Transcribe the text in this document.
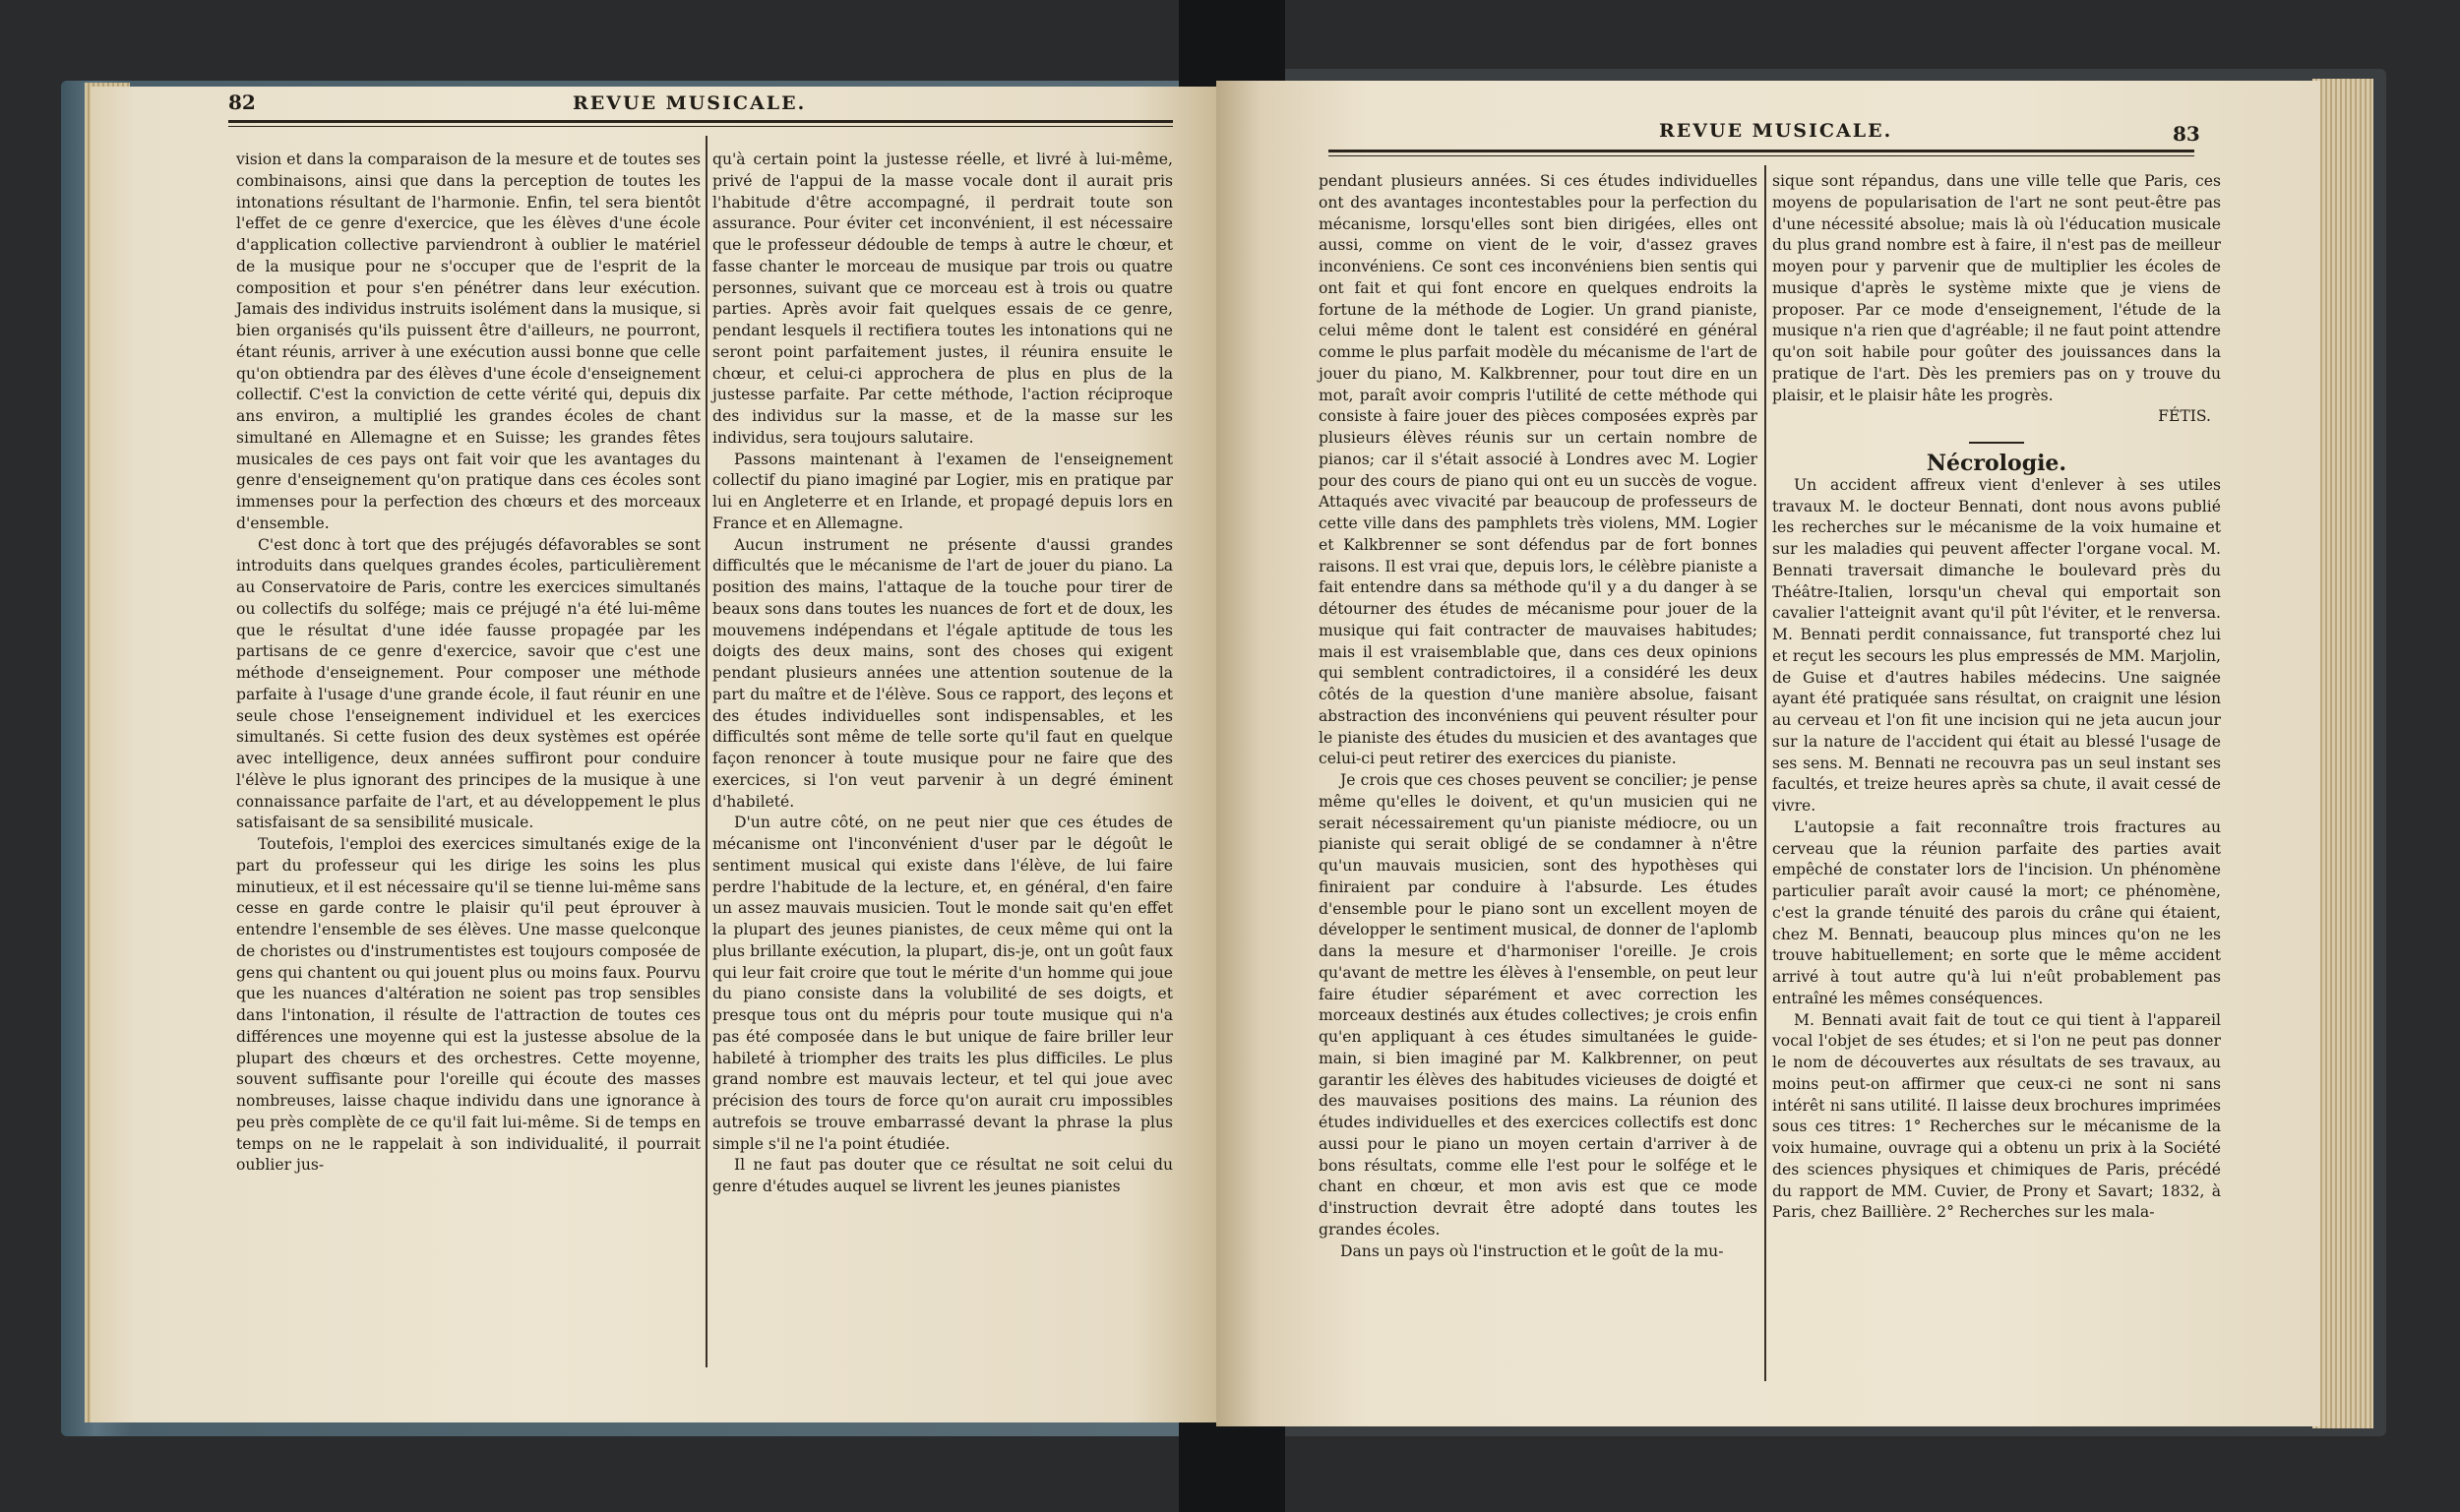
82	REVUE MUSICALE.

vision et dans la comparaison de la mesure et de toutes ses combinaisons, ainsi que dans la perception de toutes les intonations résultant de l'harmonie. Enfin, tel sera bientôt l'effet de ce genre d'exercice, que les élèves d'une école d'application collective parviendront à oublier le matériel de la musique pour ne s'occuper que de l'esprit de la composition et pour s'en pénétrer dans leur exécution. Jamais des individus instruits isolément dans la musique, si bien organisés qu'ils puissent être d'ailleurs, ne pourront, étant réunis, arriver à une exécution aussi bonne que celle qu'on obtiendra par des élèves d'une école d'enseignement collectif. C'est la conviction de cette vérité qui, depuis dix ans environ, a multiplié les grandes écoles de chant simultané en Allemagne et en Suisse; les grandes fêtes musicales de ces pays ont fait voir que les avantages du genre d'enseignement qu'on pratique dans ces écoles sont immenses pour la perfection des chœurs et des morceaux d'ensemble.

C'est donc à tort que des préjugés défavorables se sont introduits dans quelques grandes écoles, particulièrement au Conservatoire de Paris, contre les exercices simultanés ou collectifs du solfége; mais ce préjugé n'a été lui-même que le résultat d'une idée fausse propagée par les partisans de ce genre d'exercice, savoir que c'est une méthode d'enseignement. Pour composer une méthode parfaite à l'usage d'une grande école, il faut réunir en une seule chose l'enseignement individuel et les exercices simultanés. Si cette fusion des deux systèmes est opérée avec intelligence, deux années suffiront pour conduire l'élève le plus ignorant des principes de la musique à une connaissance parfaite de l'art, et au développement le plus satisfaisant de sa sensibilité musicale.

Toutefois, l'emploi des exercices simultanés exige de la part du professeur qui les dirige les soins les plus minutieux, et il est nécessaire qu'il se tienne lui-même sans cesse en garde contre le plaisir qu'il peut éprouver à entendre l'ensemble de ses élèves. Une masse quelconque de choristes ou d'instrumentistes est toujours composée de gens qui chantent ou qui jouent plus ou moins faux. Pourvu que les nuances d'altération ne soient pas trop sensibles dans l'intonation, il résulte de l'attraction de toutes ces différences une moyenne qui est la justesse absolue de la plupart des chœurs et des orchestres. Cette moyenne, souvent suffisante pour l'oreille qui écoute des masses nombreuses, laisse chaque individu dans une ignorance à peu près complète de ce qu'il fait lui-même. Si de temps en temps on ne le rappelait à son individualité, il pourrait oublier jus-

qu'à certain point la justesse réelle, et livré à lui-même, privé de l'appui de la masse vocale dont il aurait pris l'habitude d'être accompagné, il perdrait toute son assurance. Pour éviter cet inconvénient, il est nécessaire que le professeur dédouble de temps à autre le chœur, et fasse chanter le morceau de musique par trois ou quatre personnes, suivant que ce morceau est à trois ou quatre parties. Après avoir fait quelques essais de ce genre, pendant lesquels il rectifiera toutes les intonations qui ne seront point parfaitement justes, il réunira ensuite le chœur, et celui-ci approchera de plus en plus de la justesse parfaite. Par cette méthode, l'action réciproque des individus sur la masse, et de la masse sur les individus, sera toujours salutaire.

Passons maintenant à l'examen de l'enseignement collectif du piano imaginé par Logier, mis en pratique par lui en Angleterre et en Irlande, et propagé depuis lors en France et en Allemagne.

Aucun instrument ne présente d'aussi grandes difficultés que le mécanisme de l'art de jouer du piano. La position des mains, l'attaque de la touche pour tirer de beaux sons dans toutes les nuances de fort et de doux, les mouvemens indépendans et l'égale aptitude de tous les doigts des deux mains, sont des choses qui exigent pendant plusieurs années une attention soutenue de la part du maître et de l'élève. Sous ce rapport, des leçons et des études individuelles sont indispensables, et les difficultés sont même de telle sorte qu'il faut en quelque façon renoncer à toute musique pour ne faire que des exercices, si l'on veut parvenir à un degré éminent d'habileté.

D'un autre côté, on ne peut nier que ces études de mécanisme ont l'inconvénient d'user par le dégoût le sentiment musical qui existe dans l'élève, de lui faire perdre l'habitude de la lecture, et, en général, d'en faire un assez mauvais musicien. Tout le monde sait qu'en effet la plupart des jeunes pianistes, de ceux même qui ont la plus brillante exécution, la plupart, dis-je, ont un goût faux qui leur fait croire que tout le mérite d'un homme qui joue du piano consiste dans la volubilité de ses doigts, et presque tous ont du mépris pour toute musique qui n'a pas été composée dans le but unique de faire briller leur habileté à triompher des traits les plus difficiles. Le plus grand nombre est mauvais lecteur, et tel qui joue avec précision des tours de force qu'on aurait cru impossibles autrefois se trouve embarrassé devant la phrase la plus simple s'il ne l'a point étudiée.

Il ne faut pas douter que ce résultat ne soit celui du genre d'études auquel se livrent les jeunes pianistes

REVUE MUSICALE.	83

pendant plusieurs années. Si ces études individuelles ont des avantages incontestables pour la perfection du mécanisme, lorsqu'elles sont bien dirigées, elles ont aussi, comme on vient de le voir, d'assez graves inconvéniens. Ce sont ces inconvéniens bien sentis qui ont fait et qui font encore en quelques endroits la fortune de la méthode de Logier. Un grand pianiste, celui même dont le talent est considéré en général comme le plus parfait modèle du mécanisme de l'art de jouer du piano, M. Kalkbrenner, pour tout dire en un mot, paraît avoir compris l'utilité de cette méthode qui consiste à faire jouer des pièces composées exprès par plusieurs élèves réunis sur un certain nombre de pianos; car il s'était associé à Londres avec M. Logier pour des cours de piano qui ont eu un succès de vogue. Attaqués avec vivacité par beaucoup de professeurs de cette ville dans des pamphlets très violens, MM. Logier et Kalkbrenner se sont défendus par de fort bonnes raisons. Il est vrai que, depuis lors, le célèbre pianiste a fait entendre dans sa méthode qu'il y a du danger à se détourner des études de mécanisme pour jouer de la musique qui fait contracter de mauvaises habitudes; mais il est vraisemblable que, dans ces deux opinions qui semblent contradictoires, il a considéré les deux côtés de la question d'une manière absolue, faisant abstraction des inconvéniens qui peuvent résulter pour le pianiste des études du musicien et des avantages que celui-ci peut retirer des exercices du pianiste.

Je crois que ces choses peuvent se concilier; je pense même qu'elles le doivent, et qu'un musicien qui ne serait nécessairement qu'un pianiste médiocre, ou un pianiste qui serait obligé de se condamner à n'être qu'un mauvais musicien, sont des hypothèses qui finiraient par conduire à l'absurde. Les études d'ensemble pour le piano sont un excellent moyen de développer le sentiment musical, de donner de l'aplomb dans la mesure et d'harmoniser l'oreille. Je crois qu'avant de mettre les élèves à l'ensemble, on peut leur faire étudier séparément et avec correction les morceaux destinés aux études collectives; je crois enfin qu'en appliquant à ces études simultanées le guide-main, si bien imaginé par M. Kalkbrenner, on peut garantir les élèves des habitudes vicieuses de doigté et des mauvaises positions des mains. La réunion des études individuelles et des exercices collectifs est donc aussi pour le piano un moyen certain d'arriver à de bons résultats, comme elle l'est pour le solfége et le chant en chœur, et mon avis est que ce mode d'instruction devrait être adopté dans toutes les grandes écoles.

Dans un pays où l'instruction et le goût de la mu-

sique sont répandus, dans une ville telle que Paris, ces moyens de popularisation de l'art ne sont peut-être pas d'une nécessité absolue; mais là où l'éducation musicale du plus grand nombre est à faire, il n'est pas de meilleur moyen pour y parvenir que de multiplier les écoles de musique d'après le système mixte que je viens de proposer. Par ce mode d'enseignement, l'étude de la musique n'a rien que d'agréable; il ne faut point attendre qu'on soit habile pour goûter des jouissances dans la pratique de l'art. Dès les premiers pas on y trouve du plaisir, et le plaisir hâte les progrès.

FÉTIS.

Nécrologie.

Un accident affreux vient d'enlever à ses utiles travaux M. le docteur Bennati, dont nous avons publié les recherches sur le mécanisme de la voix humaine et sur les maladies qui peuvent affecter l'organe vocal. M. Bennati traversait dimanche le boulevard près du Théâtre-Italien, lorsqu'un cheval qui emportait son cavalier l'atteignit avant qu'il pût l'éviter, et le renversa. M. Bennati perdit connaissance, fut transporté chez lui et reçut les secours les plus empressés de MM. Marjolin, de Guise et d'autres habiles médecins. Une saignée ayant été pratiquée sans résultat, on craignit une lésion au cerveau et l'on fit une incision qui ne jeta aucun jour sur la nature de l'accident qui était au blessé l'usage de ses sens. M. Bennati ne recouvra pas un seul instant ses facultés, et treize heures après sa chute, il avait cessé de vivre.

L'autopsie a fait reconnaître trois fractures au cerveau que la réunion parfaite des parties avait empêché de constater lors de l'incision. Un phénomène particulier paraît avoir causé la mort; ce phénomène, c'est la grande ténuité des parois du crâne qui étaient, chez M. Bennati, beaucoup plus minces qu'on ne les trouve habituellement; en sorte que le même accident arrivé à tout autre qu'à lui n'eût probablement pas entraîné les mêmes conséquences.

M. Bennati avait fait de tout ce qui tient à l'appareil vocal l'objet de ses études; et si l'on ne peut pas donner le nom de découvertes aux résultats de ses travaux, au moins peut-on affirmer que ceux-ci ne sont ni sans intérêt ni sans utilité. Il laisse deux brochures imprimées sous ces titres: 1° Recherches sur le mécanisme de la voix humaine, ouvrage qui a obtenu un prix à la Société des sciences physiques et chimiques de Paris, précédé du rapport de MM. Cuvier, de Prony et Savart; 1832, à Paris, chez Baillière. 2° Recherches sur les mala-
